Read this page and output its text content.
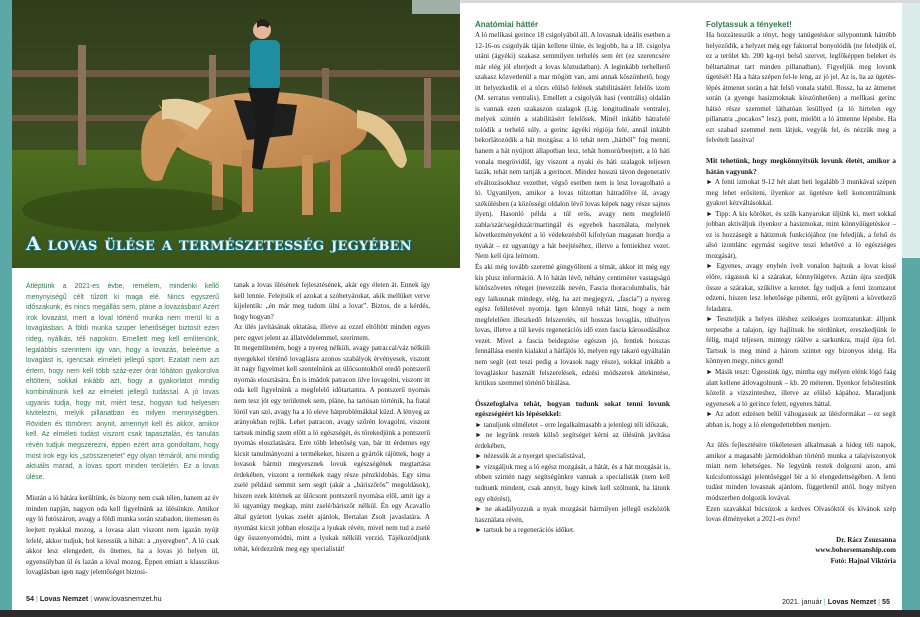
A lovas ülése a természetesség jegyében

Átléptünk a 2021-es évbe, remélem, mindenki kellő menynyiségű célt tűzött ki maga elé. Nincs egyszerű időszakunk, és nincs megállás sem, pláne a lovazásban! Azért írok lovazást, mert a lóval történő munka nem merül ki a lovaglásban. A földi munka szuper lehetőséget biztosít ezen rideg, nyálkás, téli napokon. Emellett meg kell említenünk, legalábbis szerintem így van, hogy a lovazás, beleértve a lovaglást is, igencsak elméleti jellegű sport. Ezalatt nem azt értem, hogy nem kell több száz-ezer órát lóháton gyakorolva eltölteni, sokkal inkább azt, hogy a gyakorlatot mindig kombinálnunk kell az elméleti jellegű tudással. A jó lovas ugyanis tudja, hogy mit, miért tesz, hogyan tud helyesen kivitelezni, melyik pillanatban és milyen mennyiségben. Röviden és tömören: anynit, amennyit kell és akkor, amikor kell. Az elméleti tudást viszont csak tapasztalás, és tanulás révén tudjuk megszerezni, éppen ezért arra gondoltam, hogy most írok egy kis „szösszenetet” egy olyan témáról, ami mindig aktuális marad, a lovas sport minden területén. Ez a lovas ülése.

Miután a ló hátára kerültünk, és bizony nem csak télen, hanem az év minden napján, nagyon oda kell figyelnünk az ülésünkre. Amikor egy ló futószáron, avagy a földi munka során szabadon, ütemesen és leejtett nyakkal mozog, a lovasa alatt viszont nem igazán nyújt lefelé, akkor tudjuk, hol keressük a hibát: a „nyeregben”. A ló csak akkor lesz elengedett, és ütemes, ha a lovas jó helyen ül, egyensúlyban ül és lazán a lóval mozog. Éppen emiatt a klasszikus lovaglásban igen nagy jelentőséget biztosi-

tanak a lovas ülésének fejlesztésének, akár egy életen át. Ennek így kell lennie. Felejtsük el azokat a szóbetyárokat, akik mellüket verve kijelentik: „én már meg tudom ülni a lovat”. Biztos, de a kérdés, hogy hogyan?

Az ülés javításának oktatása, illetve az ezzel eltöltött minden egyes perc egyet jelent az állatvédelemmel, szerintem.

Itt megemlíteném, hogy a nyereg nélküli, avagy patraccal/váz nélküli nyergekkel történő lovaglásra azonos szabályok érvényesek, viszont itt nagy figyelmet kell szentelnünk az ülőcsontokból eredő pontszerű nyomás elosztására. Én is imádok patracon ülve lovagolni, viszont itt oda kell figyelnünk a megfelelő időtartamra. A pontszerű nyomás nem tesz jót egy területnek sem, pláne, ha tartósan történik, ha fiatal lóról van szó, avagy ha a ló eleve hátproblémákkal küzd. A lényeg az arányokban rejlik. Lehet patracon, avagy szőrén lovagolni, viszont tartsuk mindig szem előtt a ló egészségét, és törekedjünk a pontszerű nyomás eloszlatására. Erre több lehetőség van, bár itt érdemes egy kicsit tanulmányozni a termékeket, hiszen a gyártók rájöttek, hogy a lovasok bármit megvesznek lovuk egészségének megtartása érdekében, viszont a termékek nagy része pénzkidobás. Egy sima zselé például semmit sem segít (akár a „báriszőrös” megoldások), hiszen ezek kitérnek az ülőcsont pontszerű nyomása elől, amit így a ló ugyanúgy megkap, mint zselé/báriszőr nélkül. Én egy Acavallo által gyártott lyukas zselét ajánlok, Bertalan Zsolt javaslatára. A nyomást kicsit jobban eloszija a lyukak révén, mivel nem tud a zselé úgy összenyomódni, mint a lyukak nélküli verzió. Tájékozódjunk tehát, kérdezzünk meg egy specialistát!

54 | Lovas Nemzet | www.lovasnemzet.hu

Anatómiai háttér

A ló mellkasi gerince 18 csigolyából áll. A lovasnak ideális esetben a 12-16-os csigolyák táján kellene ülnie, és legjobb, ha a 18. csigolya utáni (ágyéki) szakasz semmilyen terhelés sem ért (ez szerencsére már elég jól elterjedt a lovas köztudatban). A leginkább terhelhető szakasz közvetlenül a mar mögött van, ami annak köszönhető, hogy itt helyezkedik el a törzs elülső felének stabilitásáért felelős izom (M. serratus ventralis). Emellett a csigolyák hasi (ventrális) oldalán is vannak ezen szakaszon szalagok (Lig. longitudinale ventrale), melyek szintén a stabilitásért felelősek. Minél inkább hátrafelé tolódik a terhelő súly, a gerinc ágyéki régiója felé, annál inkább bekorlátozódik a hát mozgása: a ló tehát nem „hátból” fog menni, hanem a hát nyújtott állapotban lesz, tehát homorú/beejtett, a ló háti vonala megrövidül, így viszont a nyaki és háti szalagok teljesen lazák, tehát nem tartják a gerincet. Mindez hosszú távon degeneratív elváltozásokhoz vezethet, végső esetben nem is lesz lovagolható a ló. Ugyanilyen, amikor a lovas túlzottan hátradőlve ül, avagy székülésben (a közösségi oldalon lévő lovas képek nagy része sajnos ilyen). Hasonló példa a túl erős, avagy nem megfelelő zabla/szár/segédszár/martingál és egyebek használata, melynek következményeként a ló védekezésből kifolyóan magasan hordja a nyakát – ez ugyanúgy a hát beejtéséhez, illetve a fentiekhez vezet. Nem kell újra leírnom.

És aki még tovább szeretné göngyölíteni a témát, akkor itt még egy kis plusz információ. A ló hátán lévő, néhány centiméter vastagságú kötőszövetes réteget (nevezzük nevén, Fascia thoracolumbalis, bár egy laikusnak mindegy, elég, ha azt megjegyzi, „fascia”) a nyereg egész felületével nyomja. Igen könnyű tehát látni, hogy a nem megfelelően illeszkedő felszerelés, túl hosszas lovaglás, túlsúlyos lovas, illetve a túl kevés regenerációs idő ezen fascia károsodásához vezet. Mivel a fascia beidegzése egészen jó, fentiek hosszas fennállása esetén kialakul a hátfájós ló, melyen egy takaró egyáltalán nem segít (ezt teszi pedig a lovasok nagy része), sokkal inkább a lovagláskor használt felszerelések, edzési módszerek áttekintése, kritikus szemmel történő bírálása.

Összefoglalva tehát, hogyan tudunk sokat tenni lovunk egészségéért kis lépésekkel:

► tanuljunk elméletet – erre legalkalmasabb a jelenlegi téli időszak,

► ne legyünk restek külső segítséget kérni az ülésünk javítása érdekében,

► nézessük át a nyerget specialistával,

► vizsgáljuk meg a ló egész mozgását, a hátát, és a hát mozgását is, ebben szintén nagy segítségünkre vannak a specialisták (nem kell tudnunk mindent, csak annyit, hogy kinek kell szólnunk, ha látunk egy eltérést),

► ne akadályozzuk a nyak mozgását bármilyen jellegű eszközök használata révén,

► tartsuk be a regenerációs időket.

Folytassuk a tényeket!

Ha hozzátesszük a tényt, hogy tanügetéskor súlypontunk hátrébb helyeződik, a helyzet még egy faktorral bonyolódik (ne feledjük el, ez a terület kb. 200 kg-nyi belső szervet, legfőképpen beleket és béltartalmat tart minden pillanatban). Figyeljük meg lovunk ügetését! Ha a háta szépen fel-le leng, az jó jel. Az is, ha az ügetés-lépés átmenet során a hát felső vonala stabil. Rossz, ha az átmenet során (a gyenge hasizmoknak köszönhetően) a mellkasi gerinc hátsó része szemmel láthatóan lesüllyed (a ló hirtelen egy pillanatra „pocakos” lesz), pont, mielőtt a ló átmenne lépésbe. Ha ezt szabad szemmel nem látjuk, vegyük fel, és nézzük meg a felvételt lassítva!

Mit tehetünk, hogy megkönnyítsük lovunk életét, amikor a hátán vagyunk?

► A fenti izmokat 9-12 hét alatt heti legalább 3 munkával szépen meg lehet erősíteni, ilyenkor az ügetésre kell koncentrálnunk gyakori kézváltásokkal.

► Tipp: A kis köröket, és szűk kanyarokat üljünk ki, mert sokkal jobban aktiváljuk ilyenkor a hasizmokat, mint könnyűügetéskor – ez is hozzásegít a hátizmok funkciójához (ne feledjük, a felső és alsó izomlánc egymást segítve teszi lehetővé a ló egészséges mozgását),

► Egyenes, avagy enyhén ívelt vonalon hajtsuk a lovat kissé előre, rágassuk ki a szárakat, könnyűügetve. Aztán újra szedjük össze a szárakat, szűkítve a keretet. Így tudjuk a fenti izomzatot edzeni, hiszen lesz lehetősége pihenni, erőt gyűjteni a következő feladatra.

► Teszteljük a helyes üléshez szükséges izomzatunkat: álljunk terpeszbe a talajon, így hajlítsuk be térdünket, ereszkedjünk le félig, majd teljesen, mintegy ráülve a sarkunkra, majd újra fel. Tartsuk is meg mind a három szintet egy bizonyos ideig. Ha könnyen megy, nincs gond!

► Másik teszt: Ügessünk úgy, mintha egy mélyen elénk lógó faág alatt kellene átlovagolnunk – kb. 20 méteren. Ilyenkor felsőtestünk közelít a vízszinteshez, illetve az elülső kápához. Maradjunk egyenesek a ló gerince felett, egyenes háttal.

► Az adott edzésen belül váltogassuk az ülésformákat – ez segít abban is, hogy a ló elengedettebben menjen.

Az ülés fejlesztésére tökéletesen alkalmasak a hideg téli napok, amikor a magasabb jármódokban történő munka a talajviszonyok miatt nem lehetséges. Ne legyünk restek dolgozni azon, ami kulcsfontosságú jelentőséggel bír a ló elengedettségében. A fenti tudást minden lovasnak ajánlom, függetlenül attól, hogy milyen módszerben dolgozik lovával.

Ezen szavakkal búcsúzok a kedves Olvasóktól és kívánok szép lovas élményeket a 2021-es évre!

Dr. Rácz Zsuzsanna

www.bohorsemanship.com

Fotó: Hajnal Viktória

2021. január | Lovas Nemzet | 55
